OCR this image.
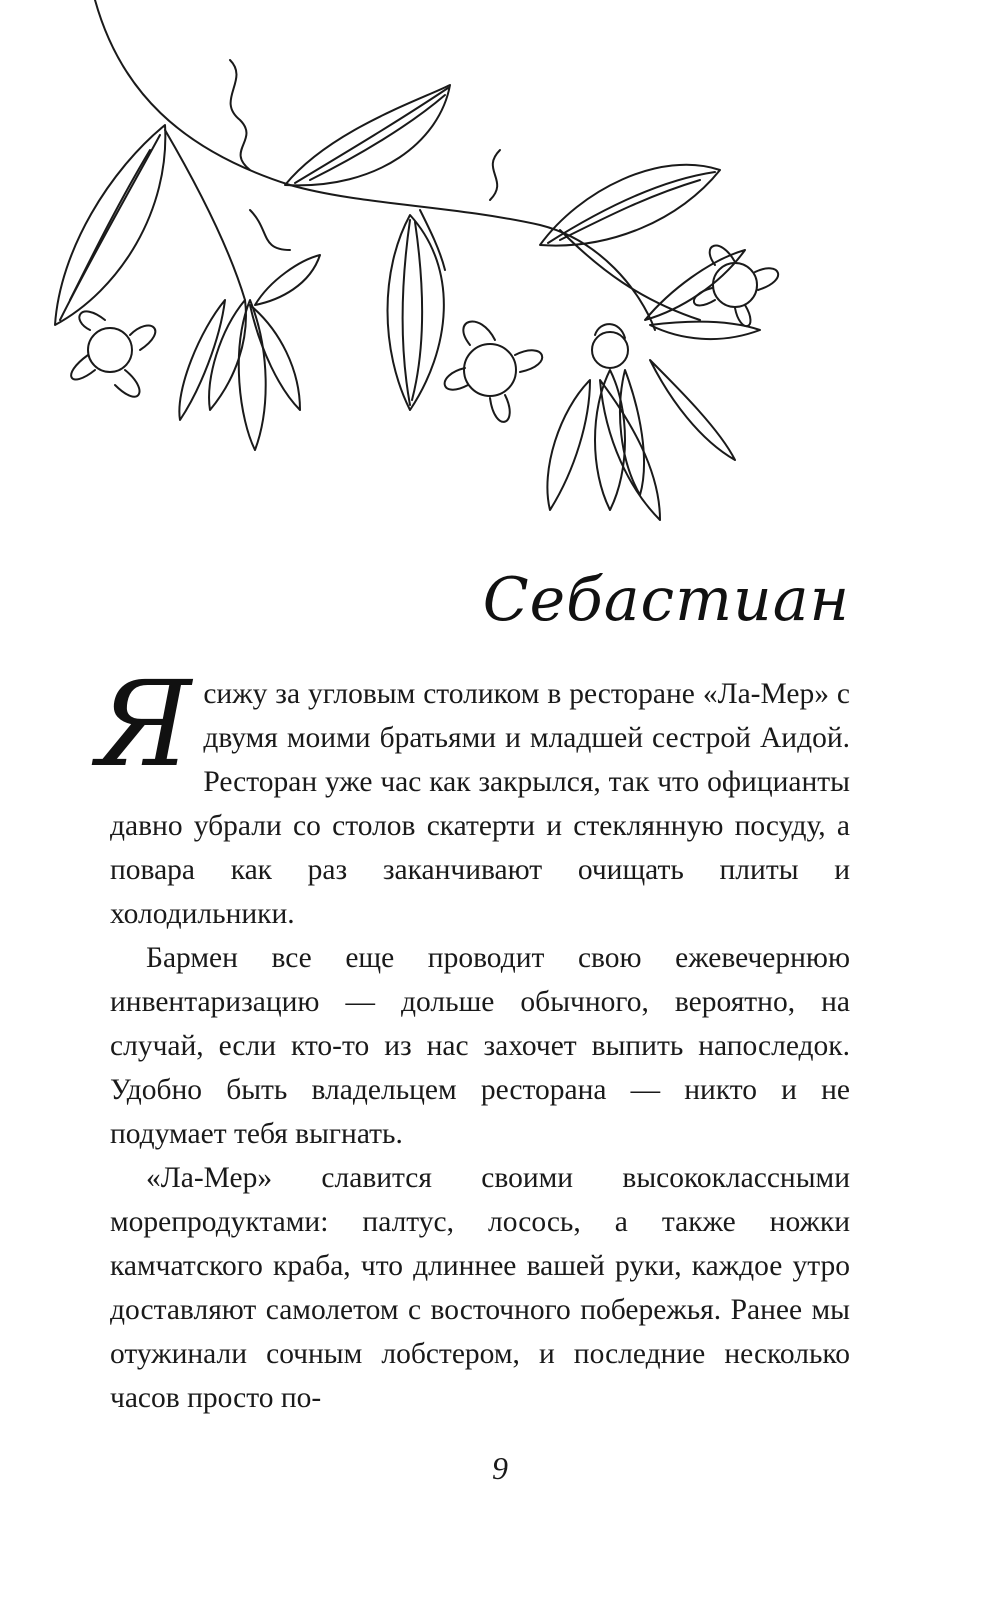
Себастиан

Я сижу за угловым столиком в ресторане «Ла-Мер» с двумя моими братьями и младшей сестрой Аидой. Ресторан уже час как закрылся, так что официанты давно убрали со столов скатерти и стеклянную посуду, а повара как раз заканчивают очищать плиты и холодильники.

Бармен все еще проводит свою ежевечернюю инвентаризацию — дольше обычного, вероятно, на случай, если кто-то из нас захочет выпить напоследок. Удобно быть владельцем ресторана — никто и не подумает тебя выгнать.

«Ла-Мер» славится своими высококлассными морепродуктами: палтус, лосось, а также ножки камчатского краба, что длиннее вашей руки, каждое утро доставляют самолетом с восточного побережья. Ранее мы отужинали сочным лобстером, и последние несколько часов просто по-

9
